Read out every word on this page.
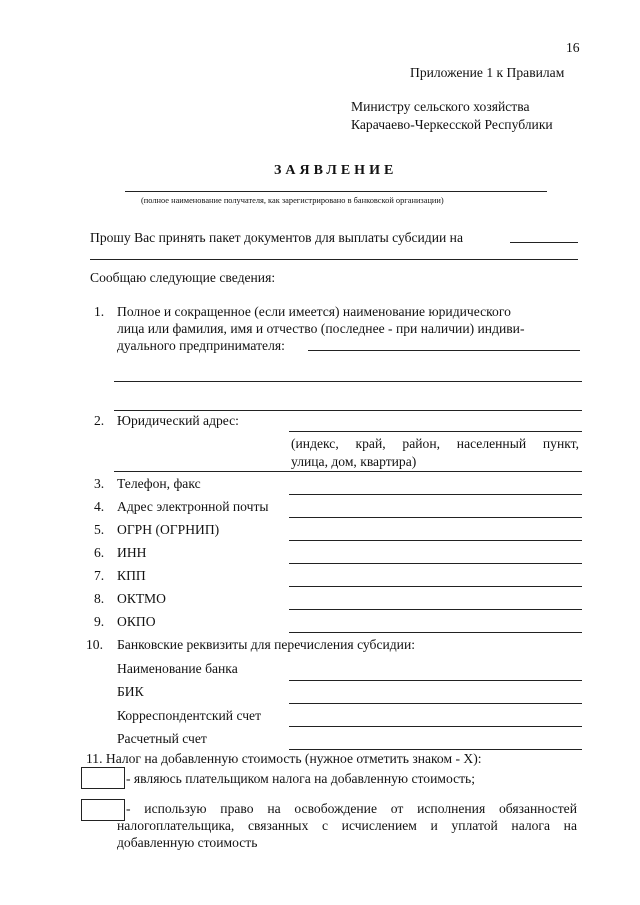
16
Приложение 1 к Правилам
Министру сельского хозяйства
Карачаево-Черкесской Республики
ЗАЯВЛЕНИЕ
(полное наименование получателя, как зарегистрировано в банковской организации)
Прошу Вас принять пакет документов для выплаты субсидии на
Сообщаю следующие сведения:
1. Полное и сокращенное (если имеется) наименование юридического
лица или фамилия, имя и отчество (последнее - при наличии) индиви-
дуального предпринимателя:
2. Юридический адрес:
(индекс, край, район, населенный пункт,
улица, дом, квартира)
3. Телефон, факс
4. Адрес электронной почты
5. ОГРН (ОГРНИП)
6. ИНН
7. КПП
8. ОКТМО
9. ОКПО
10. Банковские реквизиты для перечисления субсидии:
Наименование банка
БИК
Корреспондентский счет
Расчетный счет
11. Налог на добавленную стоимость (нужное отметить знаком - Х):
- являюсь плательщиком налога на добавленную стоимость;
- использую право на освобождение от исполнения обязанностей
налогоплательщика, связанных с исчислением и уплатой налога на
добавленную стоимость
